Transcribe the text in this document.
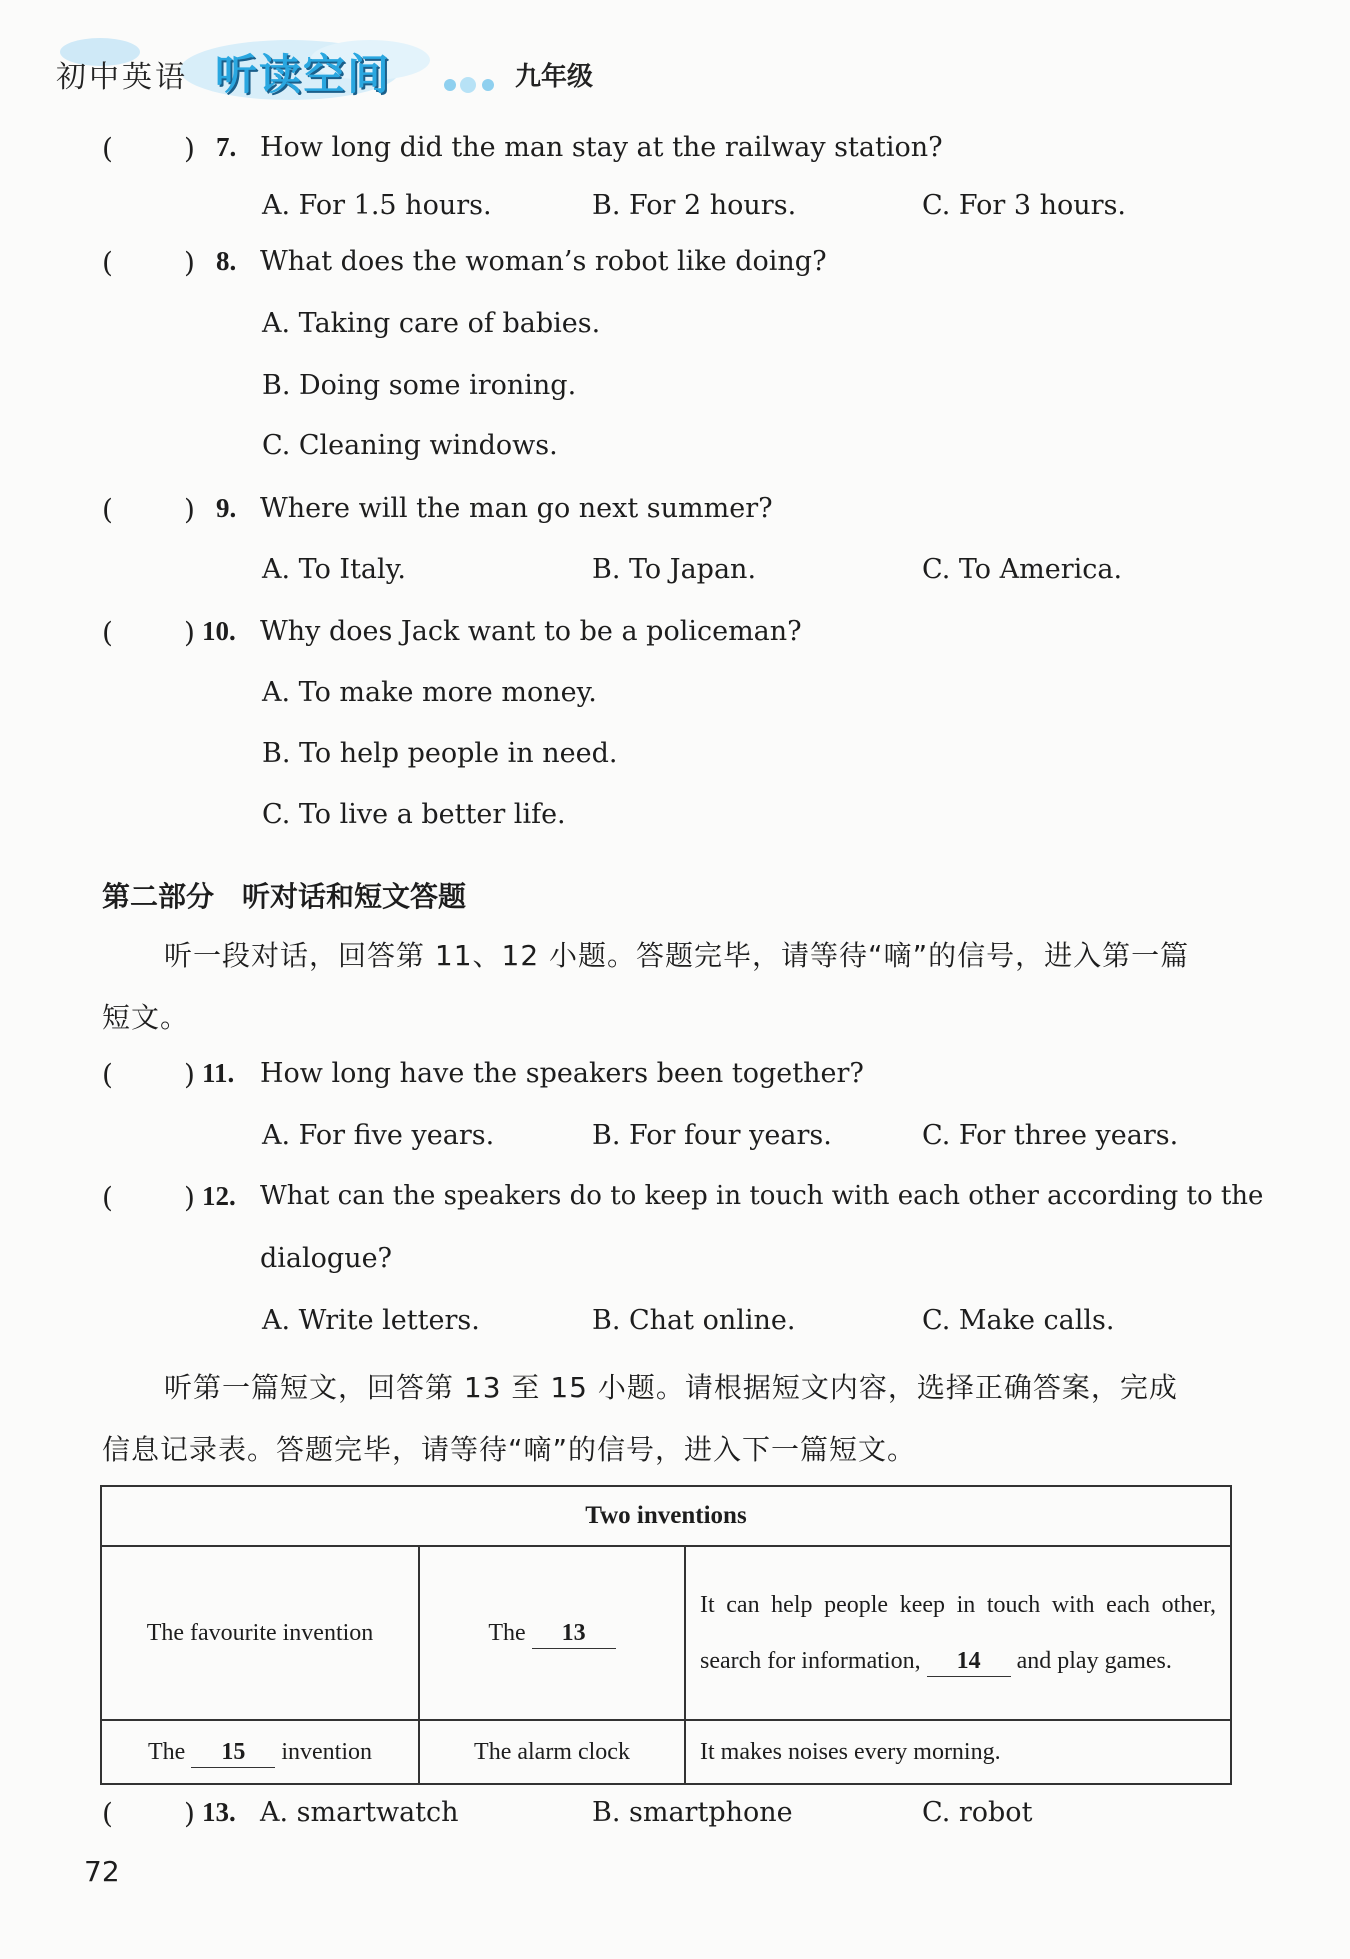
初中英语 听读空间	九年级
(	) 7. How long did the man stay at the railway station?
A. For 1.5 hours.	B. For 2 hours.	C. For 3 hours.
(	) 8. What does the woman’s robot like doing?
A. Taking care of babies.
B. Doing some ironing.
C. Cleaning windows.
(	) 9. Where will the man go next summer?
A. To Italy.	B. To Japan.	C. To America.
(	) 10. Why does Jack want to be a policeman?
A. To make more money.
B. To help people in need.
C. To live a better life.
第二部分　听对话和短文答题
听一段对话，回答第 11、12 小题。答题完毕，请等待“嘀”的信号，进入第一篇
短文。
(	) 11. How long have the speakers been together?
A. For five years.	B. For four years.	C. For three years.
(	) 12. What can the speakers do to keep in touch with each other according to the
dialogue?
A. Write letters.	B. Chat online.	C. Make calls.
听第一篇短文，回答第 13 至 15 小题。请根据短文内容，选择正确答案，完成
信息记录表。答题完毕，请等待“嘀”的信号，进入下一篇短文。
Two inventions		
The favourite invention	The 13	It can help people keep in touch with each other, search for information, 14 and play games.
The 15 invention	The alarm clock	It makes noises every morning.
(	) 13. A. smartwatch	B. smartphone	C. robot
72
